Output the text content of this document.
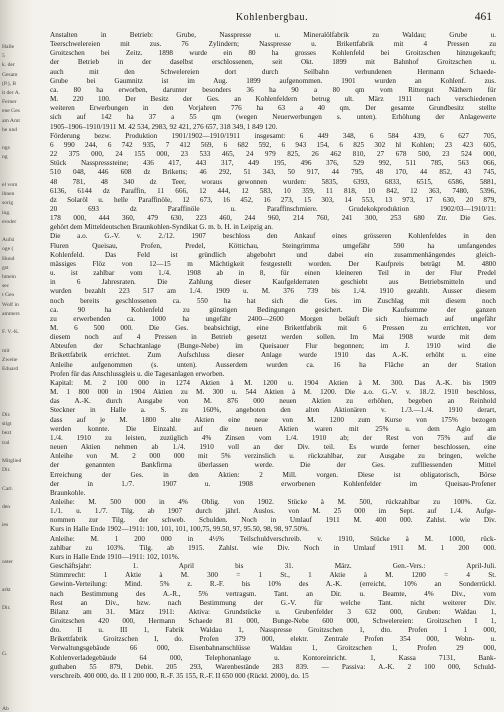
Halle
5
k. der
Gesam
(P.), B
it der A.
Ferner
ene Ges
am Amt
he und
ngs
ng
el vom
ihnen
sorig
ing.
eroder
Aufsi
oge (
Hund
gst
hmein
sec
t Geo
Wolf in
ammers
F. V.-K.
mit
Zweite
Eduard
Dir.
stigt
bezt
tral
Mitglied
Dir.
Carl.
den
ies
oster
arkt
Dir.
G.
Ab
Kohlenbergbau.	461
Anstalten in Betrieb: Grube, Nasspresse u. Mineralölfabrik zu Waldau; Grube u.
Teerschwelereien mit zus. 76 Zylindern; Nasspresse u. Brikettfabrik mit 4 Pressen zu
Groitzschen bei Zeitz. 1898 wurde ein 80 ha grosses Kohlenfeld bei Groitzschen hinzugekauft;
der Betrieb in der daselbst erschlossenen, seit Okt. 1899 mit Bahnhof Groitzschen u.
auch mit den Schwelereien dort durch Seilbahn verbundenen Hermann Schaede-
Grube bei Gaumnitz ist im Aug. 1899 aufgenommen. 1901 wurden an Kohlenf. zus.
ca. 80 ha erworben, darunter besonders 36 ha 90 a 80 qm vom Rittergut Näthern für
M. 220 100. Der Besitz der Ges. an Kohlenfeldern betrug ult. März 1911 nach verschiedenen
weiteren Erwerbungen in den Vorjahren 776 ha 63 a 40 qm. Der gesamte Grundbesitz stellte
sich auf 142 ha 37 a 55 qm (wegen Neuerwerbungen s. unten). Erhöhung der Anlagewerte
1905–1906–1910/1911 M. 42 534, 2983, 92 421, 276 657, 318 349, 1 849 120.
Förderung bezw. Produktion 1901/1902—1910/1911 insgesamt: 6 449 348, 6 584 439, 6 627 705,
6 990 244, 6 742 935, 7 412 569, 6 682 592, 6 943 154, 6 825 302 hl Kohlen; 23 423 605,
22 375 000, 24 155 000, 23 533 465, 24 979 825, 26 462 810, 27 678 500, 23 524 000,
Stück Nasspresssteine; 436 417, 443 317, 449 195, 496 376, 529 992, 511 785, 563 066,
510 048, 446 608 dz Briketts; 46 292, 51 343, 50 917, 44 795, 48 170, 44 852, 43 745,
48 781, 48 340 dz Teer, woraus gewonnen wurden: 5835, 6393, 6833, 6515, 6586, 5881,
6136, 6144 dz Paraffin, 11 666, 12 444, 12 583, 10 359, 11 818, 10 842, 12 363, 7480, 5396,
dz Solaröl u. helle Paraffinöle, 12 673, 16 452, 16 273, 15 303, 14 553, 13 973, 17 630, 20 879,
20 693 dz Paraffinöle u. Paraffinschmiere. Grudekokproduktion 1902/03—1910/11:
178 000, 444 360, 479 630, 223 460, 244 960, 214 760, 241 300, 253 680 Ztr. Die Ges.
gehört dem Mitteldeutschen Braunkohlen-Syndikat G. m. b. H. in Leipzig an.
Die a.o. G.-V. v. 2./12. 1907 beschloss den Ankauf eines grösseren Kohlenfeldes in den
Fluren Queisau, Profen, Predel, Köttichau, Steingrimma umgefähr 590 ha umfangendes
Kohlenfeld. Das Feld ist gründlich abgebohrt und dabei ein zusammenhängendes gleich-
mässiges Flöz von 12—15 m Mächtigkeit festgestellt worden. Der Kaufpreis beträgt M. 4800
u. ist zahlbar vom 1./4. 1908 ab in 8, für einen kleineren Teil in der Flur Predel
in 6 Jahresraten. Die Zahlung dieser Kaufgelderraten geschieht aus Betriebsmitteln und
wurden bezahlt 223 517 am 1./4. 1909 u. M. 376 739 bis 1./4. 1910 gezahlt. Ausser diesem
noch bereits geschlossenen ca. 550 ha hat sich die Ges. im Zuschlag mit diesem noch
ca. 90 ha Kohlenfeld zu günstigen Bedingungen gesichert. Die Kaufsumme der ganzen
zu erwerbenden ca. 1000 ha ungefähr 2400—2600 Morgen beläuft sich hiernach auf ungefähr
M. 6 500 000. Die Ges. beabsichtigt, eine Brikettfabrik mit 6 Pressen zu errichten, vor
diesem noch auf 4 Pressen in Betrieb gesetzt werden sollen. Im Mai 1908 wurde mit dem
Abteufen der Schachtanlage (Bunge-Nebe) im Queisauer Flur begonnen; im J. 1910 wird die
Brikettfabrik errichtet. Zum Aufschluss dieser Anlage wurde 1910 das A.-K. erhöht u. eine
Anleihe aufgenommen (s. unten). Ausserdem wurden ca. 16 ha Fläche an der Station
Profen für das Anschlussgleis u. die Tagesanlagen erworben.
Kapital: M. 2 100 000 in 1274 Aktien à M. 1200 u. 1904 Aktien à M. 300. Das A.-K. bis 1909
M. 1 800 000 in 1904 Aktien zu M. 300 u. 544 Aktien à M. 1200. Die a.o. G.-V. v. 18./2. 1910 beschloss,
das A.-K. durch Ausgabe von M. 876 000 neuen Aktien zu erhöhen, begeben an Reinhold
Steckner in Halle a. S. zu 160%, angeboten den alten Aktionären v. 1./3.—1./4. 1910 derart,
dass auf je M. 1800 alte Aktien eine neue von M. 1200 zum Kurse von 175% bezogen
werden konnte. Die Einzahl. auf die neuen Aktien waren mit 25% u. dem Agio am
1./4. 1910 zu leisten, zuzüglich 4% Zinsen vom 1./4. 1910 ab; der Rest von 75% auf die
neuen Aktien nehmen ab 1./4. 1910 voll an der Div. teil. Es wurde ferner beschlossen, eine
Anleihe von M. 2 000 000 mit 5% verzinslich u. rückzahlbar, zur Ausgabe zu bringen, welche
der genannten Bankfirma überlassen werde. Die der Ges. zuflliessenden Mittel
Erreichung der Ges. in den Aktien: 2 Mill. vorgen. Diese ist obligatorisch, Börse
der in 1./7. 1907 u. 1908 erworbenen Kohlenfelder im Queisau-Profener
Braunkohle.
Anleihe: M. 500 000 in 4% Oblig. von 1902. Stücke à M. 500, rückzahlbar zu 100%. Gz.
1./1. u. 1./7. Tilg. ab 1907 durch jährl. Auslos. von M. 25 000 im Sept. auf 1./4. Aufge-
nommen zur Tilg. der schweb. Schulden. Noch in Umlauf 1911 M. 400 000. Zahlst. wie Div.
Kurs in Halle Ende 1902—1911: 100, 101, 101, 100,75, 99.50, 97, 95.50, 98, 98, 97.50%.
Anleihe: M. 1 200 000 in 4½% Teilschuldverschreib. v. 1910, Stücke à M. 1000, rück-
zahlbar zu 103%. Tilg. ab 1915. Zahlst. wie Div. Noch in Umlauf 1911 M. 1 200 000.
Kurs in Halle Ende 1910—1911: 102, 101%.
Geschäftsjahr: 1. April bis 31. März. Gen.-Vers.: April-Juli.
Stimmrecht: 1 Aktie à M. 300 = 1 St., 1 Aktie à M. 1200 = 4 St.
Gewinn-Verteilung: Mind. 5% z. R.-F. bis 10% des A.-K. (erreicht, 10% an Sonderrückl.
nach Bestimmung des A.-R., 5% vertragsm. Tant. an Dir. u. Beamte, 4% Div., vom
Rest an Div., bzw. nach Bestimmung der G.-V. für welche Tant. nicht weiterer Div.
Bilanz am 31. März 1911: Aktiva: Grundstücke u. Grubenfelder 3 632 000, Gruben: Waldau 1,
Groitzschen 420 000, Hermann Schaede 81 000, Bunge-Nebe 600 000, Schwelereien: Groitzschen I 1,
dto. II u. III 1, Fabrik Waldau 1, Nasspresse Groitzschen 1, dto. Profen 1 1 000,
Brikettfabrik Groitzschen I, do. Profen 379 000, elektr. Zentrale Profen 354 000, Wohn- u.
Verwaltungsgebäude 66 000, Eisenbahnanschlüsse Waldau 1, Groitzschen 1, Profen 29 000,
Kohlenverladegebäude 64 000, Telephonanlage u. Kontoreinricht. 1, Kassa 7131, Bank-
guthaben 55 879, Debit. 205 293, Warenbestände 283 839. — Passiva: A.-K. 2 100 000, Schuld-
verschreib. 400 000, do. II 1 200 000, R.-F. 35 155, R.-F. II 650 000 (Rückl. 2000), do. 15
